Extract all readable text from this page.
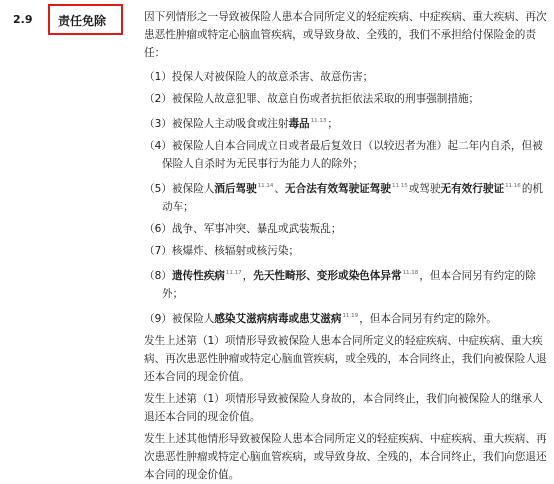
2.9 责任免除	因下列情形之一导致被保险人患本合同所定义的轻症疾病、中症疾病、重大疾病、再次患恶性肿瘤或特定心脑血管疾病，或导致身故、全残的，我们不承担给付保险金的责任：

（1）投保人对被保险人的故意杀害、故意伤害；

（2）被保险人故意犯罪、故意自伤或者抗拒依法采取的刑事强制措施；

（3）被保险人主动吸食或注射毒品$^{11.13}$；

（4）被保险人自本合同成立日或者最后复效日（以较迟者为准）起二年内自杀，但被保险人自杀时为无民事行为能力人的除外；

（5）被保险人酒后驾驶$^{11.14}$、无合法有效驾驶证驾驶$^{11.15}$或驾驶无有效行驶证$^{11.16}$的机动车；

（6）战争、军事冲突、暴乱或武装叛乱；

（7）核爆炸、核辐射或核污染；

（8）遗传性疾病$^{11.17}$，先天性畸形、变形或染色体异常$^{11.18}$，但本合同另有约定的除外；

（9）被保险人感染艾滋病病毒或患艾滋病$^{11.19}$，但本合同另有约定的除外。

发生上述第（1）项情形导致被保险人患本合同所定义的轻症疾病、中症疾病、重大疾病、再次患恶性肿瘤或特定心脑血管疾病，或全残的，本合同终止，我们向被保险人退还本合同的现金价值。

发生上述第（1）项情形导致被保险人身故的，本合同终止，我们向被保险人的继承人退还本合同的现金价值。

发生上述其他情形导致被保险人患本合同所定义的轻症疾病、中症疾病、重大疾病、再次患恶性肿瘤或特定心脑血管疾病，或导致身故、全残的，本合同终止，我们向您退还本合同的现金价值。
